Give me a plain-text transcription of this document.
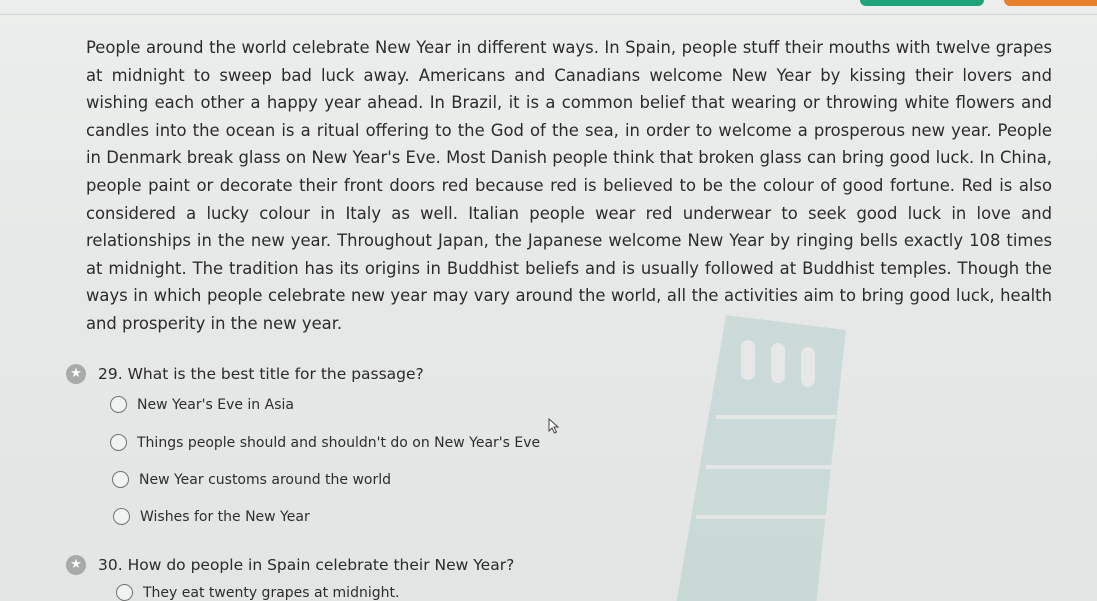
People around the world celebrate New Year in different ways. In Spain, people stuff their mouths with twelve grapes at midnight to sweep bad luck away. Americans and Canadians welcome New Year by kissing their lovers and wishing each other a happy year ahead. In Brazil, it is a common belief that wearing or throwing white flowers and candles into the ocean is a ritual offering to the God of the sea, in order to welcome a prosperous new year. People in Denmark break glass on New Year's Eve. Most Danish people think that broken glass can bring good luck. In China, people paint or decorate their front doors red because red is believed to be the colour of good fortune. Red is also considered a lucky colour in Italy as well. Italian people wear red underwear to seek good luck in love and relationships in the new year. Throughout Japan, the Japanese welcome New Year by ringing bells exactly 108 times at midnight. The tradition has its origins in Buddhist beliefs and is usually followed at Buddhist temples. Though the ways in which people celebrate new year may vary around the world, all the activities aim to bring good luck, health and prosperity in the new year.
★ 29. What is the best title for the passage?
New Year's Eve in Asia
Things people should and shouldn't do on New Year's Eve
New Year customs around the world
Wishes for the New Year
★ 30. How do people in Spain celebrate their New Year?
They eat twenty grapes at midnight.
